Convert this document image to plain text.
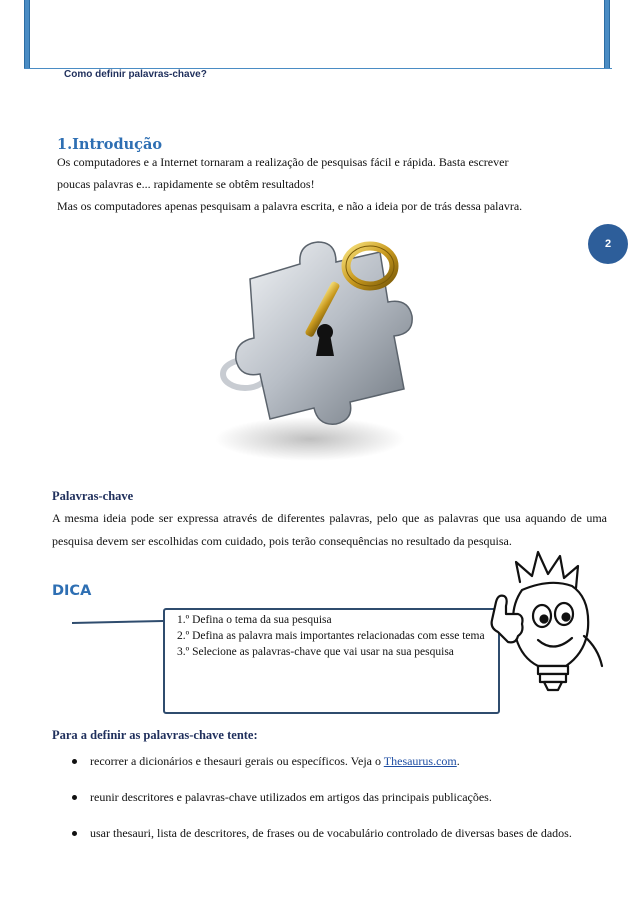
Como definir palavras-chave?
1.Introdução

Os computadores e a Internet tornaram a realização de pesquisas fácil e rápida. Basta escrever

poucas palavras e... rapidamente se obtêm resultados!

Mas os computadores apenas pesquisam a palavra escrita, e não a ideia por de trás dessa palavra.

2
Palavras-chave

A mesma ideia pode ser expressa através de diferentes palavras, pelo que as palavras que usa aquando de uma pesquisa devem ser escolhidas com cuidado, pois terão consequências no resultado da pesquisa.

DICA

1.º Defina o tema da sua pesquisa

2.º Defina as palavra mais importantes relacionadas com esse tema

3.º Selecione as palavras-chave que vai usar na sua pesquisa

Para a definir as palavras-chave tente:
recorrer a dicionários e thesauri gerais ou específicos. Veja o Thesaurus.com.
reunir descritores e palavras-chave utilizados em artigos das principais publicações.
usar thesauri, lista de descritores, de frases ou de vocabulário controlado de diversas bases de dados.
